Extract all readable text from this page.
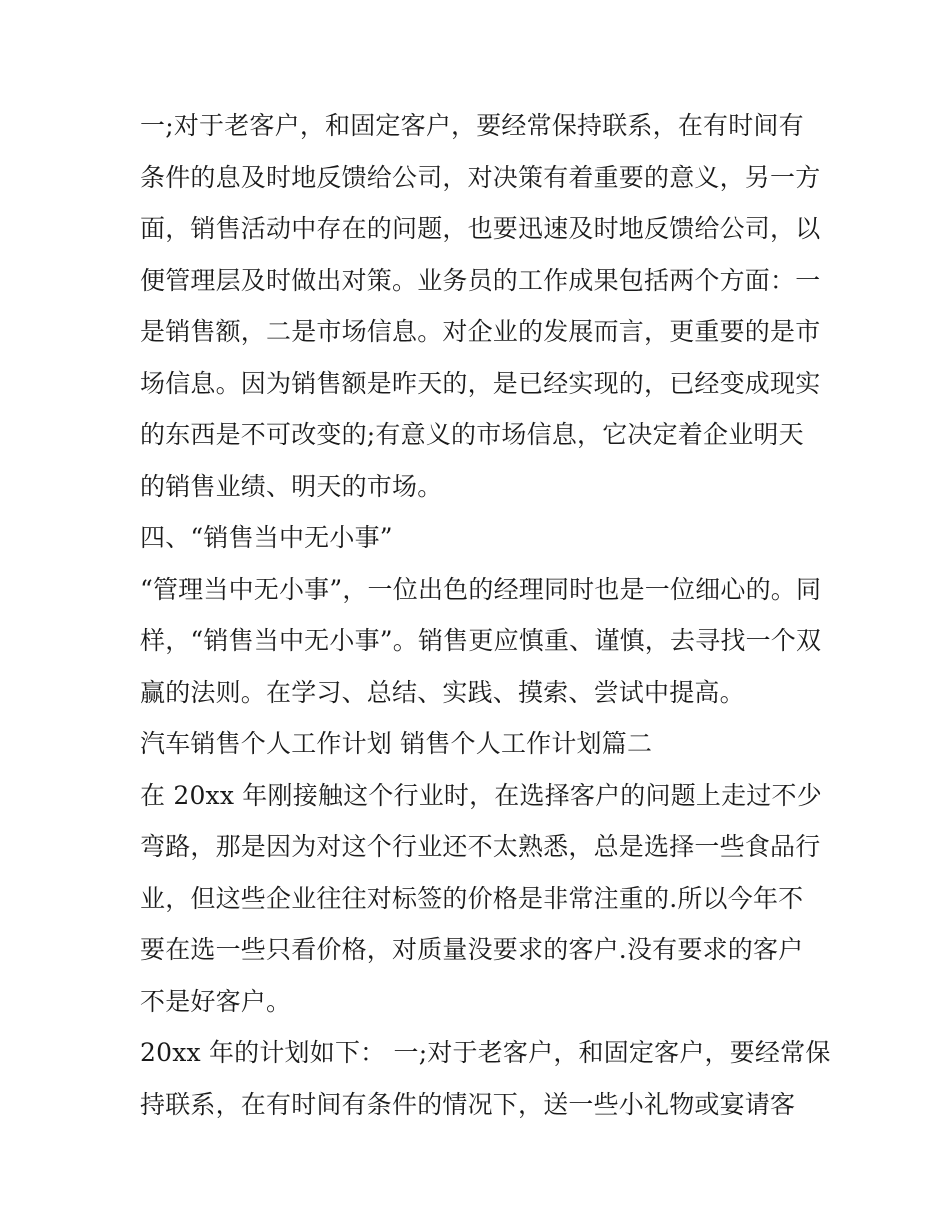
一;对于老客户，和固定客户，要经常保持联系，在有时间有
条件的息及时地反馈给公司，对决策有着重要的意义，另一方
面，销售活动中存在的问题，也要迅速及时地反馈给公司，以
便管理层及时做出对策。业务员的工作成果包括两个方面：一
是销售额，二是市场信息。对企业的发展而言，更重要的是市
场信息。因为销售额是昨天的，是已经实现的，已经变成现实
的东西是不可改变的;有意义的市场信息，它决定着企业明天
的销售业绩、明天的市场。
四、“销售当中无小事”
“管理当中无小事”，一位出色的经理同时也是一位细心的。同
样，“销售当中无小事”。销售更应慎重、谨慎，去寻找一个双
赢的法则。在学习、总结、实践、摸索、尝试中提高。
汽车销售个人工作计划 销售个人工作计划篇二
在 20xx 年刚接触这个行业时，在选择客户的问题上走过不少
弯路，那是因为对这个行业还不太熟悉，总是选择一些食品行
业，但这些企业往往对标签的价格是非常注重的.所以今年不
要在选一些只看价格，对质量没要求的客户.没有要求的客户
不是好客户。
20xx 年的计划如下： 一;对于老客户，和固定客户，要经常保
持联系，在有时间有条件的情况下，送一些小礼物或宴请客
